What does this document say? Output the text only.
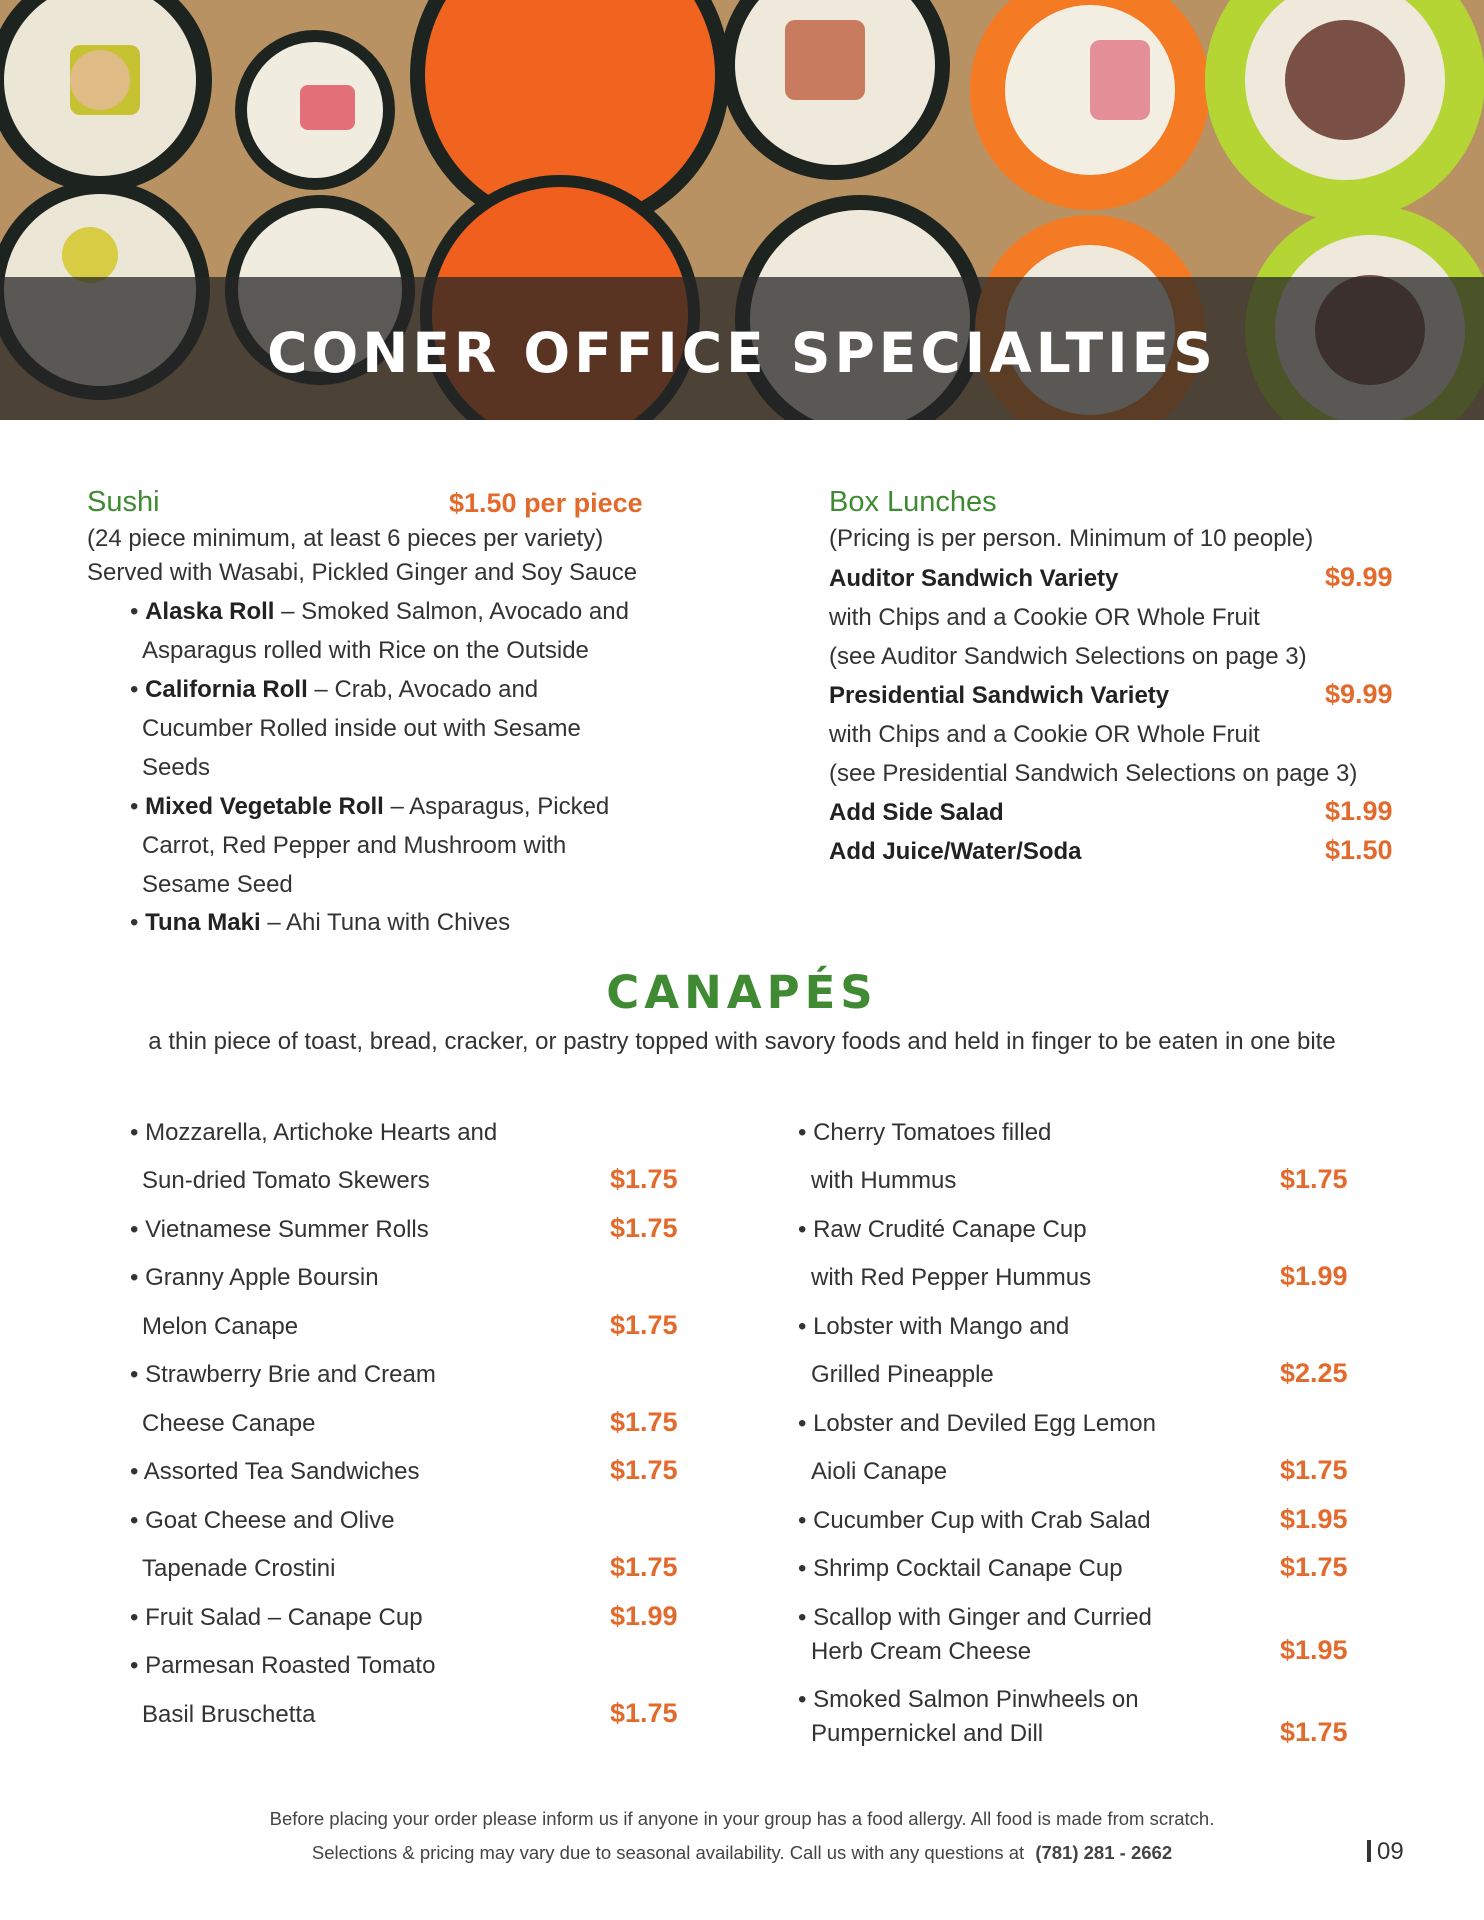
CONER OFFICE SPECIALTIES
Sushi	$1.50 per piece
(24 piece minimum, at least 6 pieces per variety)
Served with Wasabi, Pickled Ginger and Soy Sauce
• Alaska Roll – Smoked Salmon, Avocado and
Asparagus rolled with Rice on the Outside
• California Roll – Crab, Avocado and
Cucumber Rolled inside out with Sesame
Seeds
• Mixed Vegetable Roll – Asparagus, Picked
Carrot, Red Pepper and Mushroom with
Sesame Seed
• Tuna Maki – Ahi Tuna with Chives
Box Lunches
(Pricing is per person. Minimum of 10 people)
Auditor Sandwich Variety	$9.99
with Chips and a Cookie OR Whole Fruit
(see Auditor Sandwich Selections on page 3)
Presidential Sandwich Variety	$9.99
with Chips and a Cookie OR Whole Fruit
(see Presidential Sandwich Selections on page 3)
Add Side Salad	$1.99
Add Juice/Water/Soda	$1.50
CANAPÉS
a thin piece of toast, bread, cracker, or pastry topped with savory foods and held in finger to be eaten in one bite
• Mozzarella, Artichoke Hearts and
Sun-dried Tomato Skewers	$1.75
• Vietnamese Summer Rolls	$1.75
• Granny Apple Boursin
Melon Canape	$1.75
• Strawberry Brie and Cream
Cheese Canape	$1.75
• Assorted Tea Sandwiches	$1.75
• Goat Cheese and Olive
Tapenade Crostini	$1.75
• Fruit Salad – Canape Cup	$1.99
• Parmesan Roasted Tomato
Basil Bruschetta	$1.75
• Cherry Tomatoes filled
with Hummus	$1.75
• Raw Crudité Canape Cup
with Red Pepper Hummus	$1.99
• Lobster with Mango and
Grilled Pineapple	$2.25
• Lobster and Deviled Egg Lemon
Aioli Canape	$1.75
• Cucumber Cup with Crab Salad	$1.95
• Shrimp Cocktail Canape Cup	$1.75
• Scallop with Ginger and Curried
Herb Cream Cheese	$1.95
• Smoked Salmon Pinwheels on
Pumpernickel and Dill	$1.75
Before placing your order please inform us if anyone in your group has a food allergy. All food is made from scratch.
Selections & pricing may vary due to seasonal availability. Call us with any questions at (781) 281 - 2662	09
